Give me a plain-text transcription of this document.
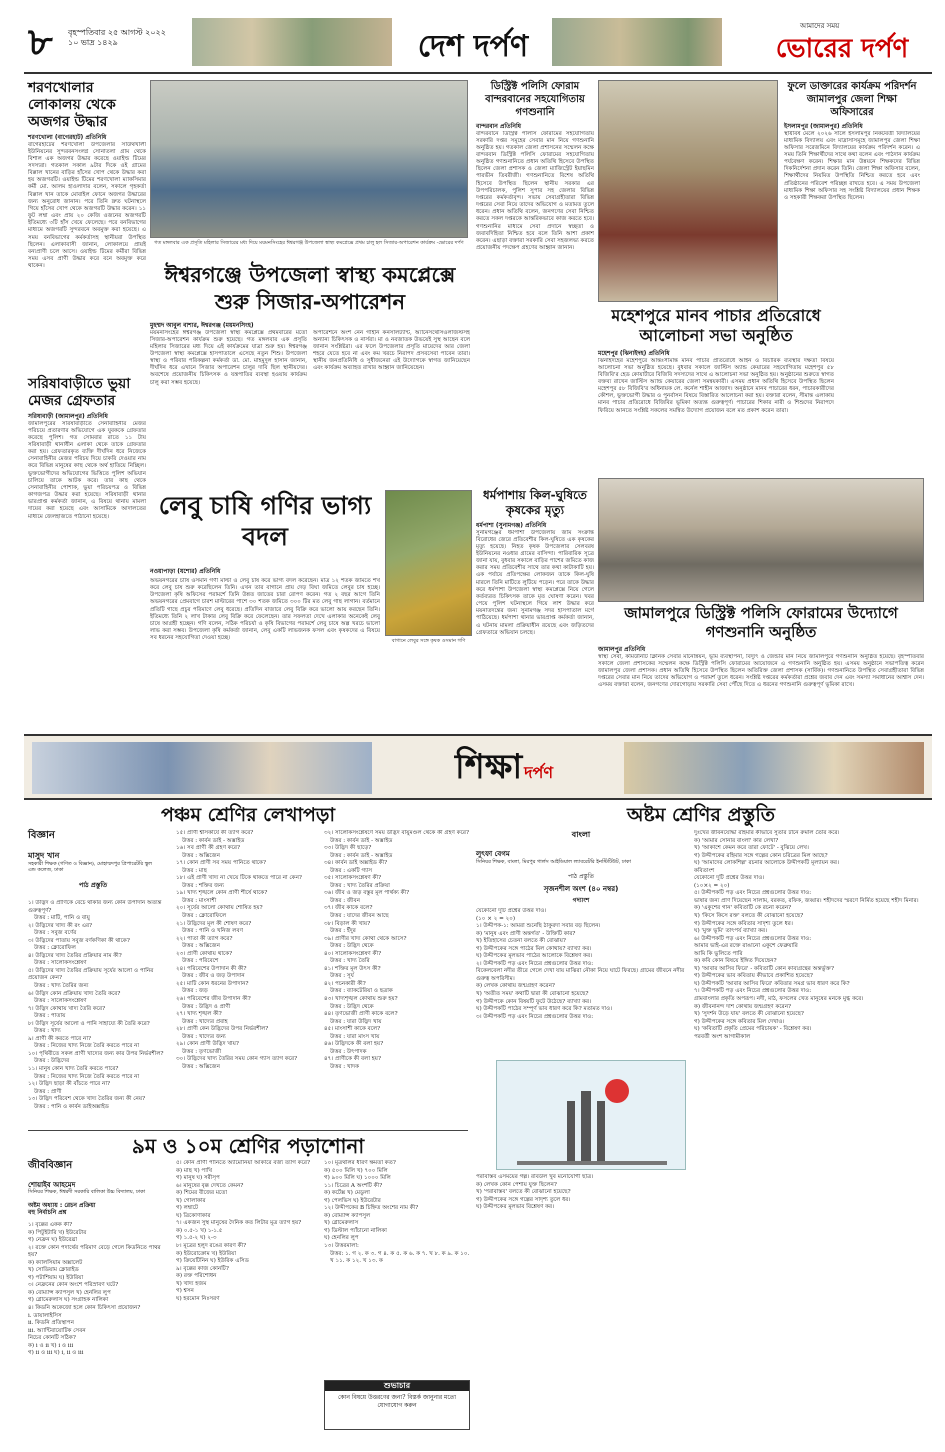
৮ বৃহস্পতিবার ২৫ আগস্ট ২০২২
১০ ভাদ্র ১৪২৯	দেশ দর্পণ
আমাদের সময়
ভোরের দর্পণ
শরণখোলার লোকালয় থেকে অজগর উদ্ধার
শরণখোলা (বাগেরহাট) প্রতিনিধি
বাগেরহাটের শরণখোলা উপজেলার সাউথখালী ইউনিয়নের সুন্দরবনসংলগ্ন সোনাতলা গ্রাম থেকে বিশাল এক অজগর উদ্ধার করেছে ওয়াইল্ড টিমের সদস্যরা। গতকাল সকাল ৯টার দিকে ওই গ্রামের বিল্লাল খানের বাড়ির হাঁসের খোপ থেকে উদ্ধার করা হয় অজগরটি। ওয়াইল্ড টিমের শরণখোলা ম্যাকসিমার কর্মী মো. আলম হাওলাদার বলেন, সকালে গৃহকর্তা বিল্লাল খান তাকে মোবাইল ফোনে অজগর উদ্ধারের জন্য অনুরোধ জানান। পরে তিনি দ্রুত ঘটনাস্থলে গিয়ে হাঁসের খোপ থেকে অজগরটি উদ্ধার করেন। ১১ ফুট লম্বা এবং প্রায় ২০ কেজি ওজনের অজগরটি ইতিমধ্যে ৩টি হাঁস খেয়ে ফেলেছে। পরে বনবিভাগের মাধ্যমে অজগরটি সুন্দরবনে অবমুক্ত করা হয়েছে। এ সময় বনবিভাগের কর্মকর্তাসহ স্থানীয়রা উপস্থিত ছিলেন। এলাকাবাসী জানান, লোকালয়ে প্রায়ই বন্যপ্রাণী চলে আসে। ওয়াইল্ড টিমের কর্মীরা বিভিন্ন সময় এসব প্রাণী উদ্ধার করে বনে অবমুক্ত করে থাকেন।
সরিষাবাড়ীতে ভুয়া মেজর গ্রেফতার
সরিষাবাড়ী (জামালপুর) প্রতিনিধি
জামালপুরের সরিষাবাড়ীতে সেনাবাহিনীর মেজর পরিচয়ে প্রতারণার অভিযোগে এক যুবককে গ্রেফতার করেছে পুলিশ। গত সোমবার রাতে ১১ টায় সরিষাবাড়ী থানাধীন এলাকা থেকে তাকে গ্রেফতার করা হয়। গ্রেফতারকৃত ব্যক্তি দীর্ঘদিন ধরে নিজেকে সেনাবাহিনীর মেজর পরিচয় দিয়ে চাকরি দেওয়ার নাম করে বিভিন্ন মানুষের কাছ থেকে অর্থ হাতিয়ে নিচ্ছিল। ভুক্তভোগীদের অভিযোগের ভিত্তিতে পুলিশ অভিযান চালিয়ে তাকে আটক করে। তার কাছ থেকে সেনাবাহিনীর পোশাক, ভুয়া পরিচয়পত্র ও বিভিন্ন কাগজপত্র উদ্ধার করা হয়েছে। সরিষাবাড়ী থানার ভারপ্রাপ্ত কর্মকর্তা জানান, এ বিষয়ে থানায় মামলা দায়ের করা হয়েছে এবং আসামিকে আদালতের মাধ্যমে জেলহাজতে পাঠানো হয়েছে।
গত মঙ্গলবার এক প্রসূতি মহিলার সিজারের মধ্য দিয়ে ময়মনসিংহের ঈশ্বরগঞ্জ উপজেলা স্বাস্থ্য কমপ্লেক্সে প্রথম চালু হল সিজার-অপারেশন কার্যক্রম -ভোরের দর্পণ
ঈশ্বরগঞ্জে উপজেলা স্বাস্থ্য কমপ্লেক্সে শুরু সিজার-অপারেশন
মুহম্মদ আবুল বাশার, ঈশ্বরগঞ্জ (ময়মনসিংহ)
ময়মনসিংহের ঈশ্বরগঞ্জ উপজেলা স্বাস্থ্য কমপ্লেক্সে প্রথমবারের মতো সিজার-অপারেশন কার্যক্রম শুরু হয়েছে। গত মঙ্গলবার এক প্রসূতি মহিলার সিজারের মধ্য দিয়ে এই কার্যক্রমের যাত্রা শুরু হয়। ঈশ্বরগঞ্জ উপজেলা স্বাস্থ্য কমপ্লেক্সে হাসপাতালে এসেছে নতুন শিশু। উপজেলা স্বাস্থ্য ও পরিবার পরিকল্পনা কর্মকর্তা ডা. মো. মাহমুদুল হাসান জানান, দীর্ঘদিন ধরে এখানে সিজার অপারেশন চালুর দাবি ছিল স্থানীয়দের। অবশেষে প্রয়োজনীয় চিকিৎসক ও যন্ত্রপাতির ব্যবস্থা হওয়ায় কার্যক্রম চালু করা সম্ভব হয়েছে।
অপারেশনে অংশ নেন গাইনি কনসালট্যান্ট, অ্যানেসথেসিওলজিস্টসহ অন্যান্য চিকিৎসক ও নার্সরা। মা ও নবজাতক উভয়েই সুস্থ আছেন বলে জানান সংশ্লিষ্টরা। এর ফলে উপজেলার প্রসূতি মায়েদের আর জেলা শহরে যেতে হবে না এবং কম খরচে নিরাপদ প্রসবসেবা পাবেন তারা। স্থানীয় জনপ্রতিনিধি ও সুধীজনেরা এই উদ্যোগকে স্বাগত জানিয়েছেন এবং কার্যক্রম অব্যাহত রাখার আহ্বান জানিয়েছেন।
লেবু চাষি গণির ভাগ্য বদল
বাগানে লেবুর সঙ্গে কৃষক ওসমান গণি
নওয়াপাড়া (যশোর) প্রতিনিধি
অভয়নগরের চাষি ওসমান গণী মাল্টা ও লেবু চাষ করে ভাগ্য বদল করেছেন। মাত্র ১২ শতক জমিতে শখ করে লেবু চাষ শুরু করেছিলেন তিনি। এখন তার বাগানে প্রায় দেড় বিঘা জমিতে লেবুর চাষ হচ্ছে। উপজেলা কৃষি অফিসের পরামর্শে তিনি উন্নত জাতের চারা রোপণ করেন। গত ২ বছর আগে তিনি অভয়নগরের প্রেমবাগে চারশ মাল্টারের পাশে ৩০ শতক জমিতে ৩০০ টির মত লেবু গাছ লাগান। বর্তমানে প্রতিটি গাছে প্রচুর পরিমাণে লেবু ধরেছে। প্রতিদিন বাজারে লেবু বিক্রি করে ভালো আয় করছেন তিনি। ইতিমধ্যে তিনি ২ লাখ টাকার লেবু বিক্রি করে ফেলেছেন। তার সফলতা দেখে এলাকার অনেকেই লেবু চাষে আগ্রহী হচ্ছেন। গণি বলেন, সঠিক পরিচর্যা ও কৃষি বিভাগের পরামর্শে লেবু চাষে অল্প খরচে ভালো লাভ করা সম্ভব। উপজেলা কৃষি কর্মকর্তা জানান, লেবু একটি লাভজনক ফসল এবং কৃষকদের এ বিষয়ে সব ধরনের সহযোগিতা দেওয়া হচ্ছে।
ডিস্ট্রিক্ট পলিসি ফোরাম বান্দরবানের সহযোগিতায় গণশুনানি
বান্দরবান প্রতিনিধি
বান্দরবানে ডিস্ট্রিক্ট পলিসি ফোরামের সহযোগিতায় সরকারি দপ্তর সমূহের সেবার মান নিয়ে গণশুনানি অনুষ্ঠিত হয়। গতকাল জেলা প্রশাসনের সম্মেলন কক্ষে বান্দরবান ডিস্ট্রিক্ট পলিসি ফোরামের সহযোগিতায় অনুষ্ঠিত গণশুনানিতে প্রধান অতিথি হিসেবে উপস্থিত ছিলেন জেলা প্রশাসক ও জেলা ম্যাজিস্ট্রেট ইয়াছমিন পারভীন তিবরীজী। গণশুনানিতে বিশেষ অতিথি হিসেবে উপস্থিত ছিলেন স্থানীয় সরকার এর উপপরিচালক, পুলিশ সুপার সহ জেলার বিভিন্ন দপ্তরের কর্মকর্তাবৃন্দ। সভায় সেবাগ্রহীতারা বিভিন্ন দপ্তরের সেবা নিয়ে তাদের অভিযোগ ও মতামত তুলে ধরেন। প্রধান অতিথি বলেন, জনগণের সেবা নিশ্চিত করতে সকল দপ্তরকে আন্তরিকভাবে কাজ করতে হবে। গণশুনানির মাধ্যমে সেবা প্রদানে স্বচ্ছতা ও জবাবদিহিতা নিশ্চিত হবে বলে তিনি আশা প্রকাশ করেন। এছাড়া বক্তারা সরকারি সেবা সহজলভ্য করতে প্রয়োজনীয় পদক্ষেপ গ্রহণের আহ্বান জানান।
ধর্মপাশায় কিল-ঘুষিতে কৃষকের মৃত্যু
ধর্মপাশা (সুনামগঞ্জ) প্রতিনিধি
সুনামগঞ্জের ধর্মপাশা উপজেলায় জমি সংক্রান্ত বিরোধের জেরে প্রতিবেশীর কিল-ঘুষিতে এক কৃষকের মৃত্যু হয়েছে। নিহত কৃষক উপজেলার সেলবরষ ইউনিয়নের নওধার গ্রামের বাসিন্দা। পারিবারিক সূত্রে জানা যায়, বুধবার সকালে বাড়ির পাশের জমিতে কাজ করার সময় প্রতিবেশীর সাথে তার কথা কাটাকাটি হয়। এক পর্যায়ে প্রতিপক্ষের লোকজন তাকে কিল-ঘুষি মারলে তিনি মাটিতে লুটিয়ে পড়েন। পরে তাকে উদ্ধার করে ধর্মপাশা উপজেলা স্বাস্থ্য কমপ্লেক্সে নিয়ে গেলে কর্তব্যরত চিকিৎসক তাকে মৃত ঘোষণা করেন। খবর পেয়ে পুলিশ ঘটনাস্থলে গিয়ে লাশ উদ্ধার করে ময়নাতদন্তের জন্য সুনামগঞ্জ সদর হাসপাতাল মর্গে পাঠিয়েছে। ধর্মপাশা থানার ভারপ্রাপ্ত কর্মকর্তা জানান, এ ঘটনায় মামলা প্রক্রিয়াধীন রয়েছে এবং জড়িতদের গ্রেফতারে অভিযান চলছে।
মহেশপুরে মানব পাচার প্রতিরোধে আলোচনা সভা অনুষ্ঠিত
মহেশপুর (ঝিনাইদহ) প্রতিনিধি
ঝিনাইদহের মহেশপুরে আন্তঃসীমান্ত মানব পাচার প্রতিরোধে আইন ও বিচারিক ব্যবস্থার দক্ষতা বিষয়ে আলোচনা সভা অনুষ্ঠিত হয়েছে। বুধবার সকালে জাস্টিস অ্যান্ড কেয়ারের সহযোগিতায় মহেশপুর ৫৮ বিজিবি'র হেড কোয়ার্টারে বিজিবি সদস্যদের সাথে এ আলোচনা সভা অনুষ্ঠিত হয়। অনুষ্ঠানের শুরুতে স্বাগত বক্তব্য রাখেন জাস্টিস অ্যান্ড কেয়ারের জেলা সমন্বয়কারী। এসময় প্রধান অতিথি হিসেবে উপস্থিত ছিলেন মহেশপুর ৫৮ বিজিবি'র অধিনায়ক লে. কর্নেল শাহীন আজাদ। অনুষ্ঠানে মানব পাচারের ধরন, পাচারকারীদের কৌশল, ভুক্তভোগী উদ্ধার ও পুনর্বাসন বিষয়ে বিস্তারিত আলোচনা করা হয়। বক্তারা বলেন, সীমান্ত এলাকায় মানব পাচার প্রতিরোধে বিজিবির ভূমিকা অত্যন্ত গুরুত্বপূর্ণ। পাচারের শিকার নারী ও শিশুদের নিরাপদে ফিরিয়ে আনতে সংশ্লিষ্ট সকলের সমন্বিত উদ্যোগ প্রয়োজন বলে মত প্রকাশ করেন তারা।
ফুলে ডাক্তারের কার্যক্রম পরিদর্শন জামালপুর জেলা শিক্ষা অফিসারের
ইসলামপুর (জামালপুর) প্রতিনিধি
স্থায়ীবর্ষ মেলে ২০২৬ সালে ইসলামপুর নিকটবর্তী বিদ্যালয়ের মাধ্যমিক বিদ্যালয় এবং মাদ্রাসাসমূহে জামালপুর জেলা শিক্ষা অফিসার সরেজমিনে বিদ্যালয়ের কার্যক্রম পরিদর্শন করেন। এ সময় তিনি শিক্ষার্থীদের সাথে কথা বলেন এবং পাঠদান কার্যক্রম পর্যবেক্ষণ করেন। শিক্ষার মান উন্নয়নে শিক্ষকদের বিভিন্ন দিকনির্দেশনা প্রদান করেন তিনি। জেলা শিক্ষা অফিসার বলেন, শিক্ষার্থীদের নিয়মিত উপস্থিতি নিশ্চিত করতে হবে এবং প্রতিষ্ঠানের পরিবেশ পরিচ্ছন্ন রাখতে হবে। এ সময় উপজেলা মাধ্যমিক শিক্ষা অফিসার সহ সংশ্লিষ্ট বিদ্যালয়ের প্রধান শিক্ষক ও সহকারী শিক্ষকরা উপস্থিত ছিলেন।
জামালপুরে ডিস্ট্রিক্ট পলিসি ফোরামের উদ্যোগে গণশুনানি অনুষ্ঠিত
জামালপুর প্রতিনিধি
স্বাস্থ্য সেবা, কমিউনিটি ক্লিনিক সেবার মানোন্নয়ন, ভূমি ব্যবস্থাপনা, বিদ্যুৎ ও জেন্ডার মান নিয়ে জামালপুরে গণশুনানি অনুষ্ঠিত হয়েছে। বৃহস্পতিবার সকালে জেলা প্রশাসকের সম্মেলন কক্ষে ডিস্ট্রিক্ট পলিসি ফোরামের আয়োজনে এ গণশুনানি অনুষ্ঠিত হয়। এসময় অনুষ্ঠানে সভাপতিত্ব করেন জামালপুর জেলা প্রশাসক। প্রধান অতিথি হিসেবে উপস্থিত ছিলেন অতিরিক্ত জেলা প্রশাসক (সার্বিক)। গণশুনানিতে উপস্থিত সেবাগ্রহীতারা বিভিন্ন দপ্তরের সেবার মান নিয়ে তাদের অভিযোগ ও পরামর্শ তুলে ধরেন। সংশ্লিষ্ট দপ্তরের কর্মকর্তারা প্রশ্নের জবাব দেন এবং সমস্যা সমাধানের আশ্বাস দেন। এসময় বক্তারা বলেন, জনগণের দোরগোড়ায় সরকারি সেবা পৌঁছে দিতে এ ধরনের গণশুনানি গুরুত্বপূর্ণ ভূমিকা রাখে।
শিক্ষা দর্পণ
পঞ্চম শ্রেণির লেখাপড়া
বিজ্ঞান
মাসুদ খান
সহকারী শিক্ষক (গণিত ও বিজ্ঞান), মোহাম্মদপুর প্রিপারেটরি স্কুল এন্ড কলেজ, ঢাকা
পাঠ প্রস্তুতি
১। উদ্ভিদ ও প্রাণিকে বেঁচে থাকার জন্য কোন উপাদান অত্যন্ত গুরুত্বপূর্ণ?
উত্তর : মাটি, পানি ও বায়ু
২। উদ্ভিদের খাদ্য কী রং এর?
উত্তর : সবুজ বর্ণের
৩। উদ্ভিদের পাতায় সবুজ বর্ণকণিকা কী থাকে?
উত্তর : ক্লোরোফিল
৪। উদ্ভিদের খাদ্য তৈরির প্রক্রিয়ার নাম কী?
উত্তর : সালোকসংশ্লেষণ
৫। উদ্ভিদের খাদ্য তৈরির প্রক্রিয়ায় সূর্যের আলো ও পানির প্রয়োজন কেন?
উত্তর : খাদ্য তৈরির জন্য
৬। উদ্ভিদ কোন প্রক্রিয়ায় খাদ্য তৈরি করে?
উত্তর : সালোকসংশ্লেষণ
৭। উদ্ভিদ কোথায় খাদ্য তৈরি করে?
উত্তর : পাতায়
৮। উদ্ভিদ সূর্যের আলো ও পানি সাহায্যে কী তৈরি করে?
উত্তর : খাদ্য
৯। প্রাণী কী করতে পারে না?
উত্তর : নিজের খাদ্য নিজে তৈরি করতে পারে না
১০। পৃথিবীতে সকল প্রাণী খাদ্যের জন্য কার উপর নির্ভরশীল?
উত্তর : উদ্ভিদের
১১। মানুষ কোন খাদ্য তৈরি করতে পারে?
উত্তর : নিজের খাদ্য নিজে তৈরি করতে পারে না
১২। উদ্ভিদ ছাড়া কী বাঁচতে পারে না?
উত্তর : প্রাণী
১৩। উদ্ভিদ পরিবেশ থেকে খাদ্য তৈরির জন্য কী নেয়?
উত্তর : পানি ও কার্বন ডাইঅক্সাইড
১৫। প্রাণী শ্বাসকার্যে কী ত্যাগ করে?
উত্তর : কার্বন ডাই - অক্সাইড
১৬। সব প্রাণী কী গ্রহণ করে?
উত্তর : অক্সিজেন
১৭। কোন প্রাণী সব সময় পানিতে থাকে?
উত্তর : মাছ
১৮। এই প্রাণী খাদ্য না খেয়ে টিকে থাকতে পারে না কেন?
উত্তর : শক্তির জন্য
১৯। খাদ্য শৃঙ্খলে কোন প্রাণী শীর্ষে থাকে?
উত্তর : মাংসাশী
২০। সূর্যের আলো কোথায় শোষিত হয়?
উত্তর : ক্লোরোফিলে
২১। উদ্ভিদের মূল কী শোষণ করে?
উত্তর : পানি ও খনিজ লবণ
২২। পাতা কী ত্যাগ করে?
উত্তর : অক্সিজেন
২৩। প্রাণী কোথায় থাকে?
উত্তর : পরিবেশে
২৪। পরিবেশের উপাদান কী কী?
উত্তর : জীব ও জড় উপাদান
২৫। মাটি কোন ধরনের উপাদান?
উত্তর : জড়
২৬। পরিবেশের জীব উপাদান কী?
উত্তর : উদ্ভিদ ও প্রাণী
২৭। খাদ্য শৃঙ্খল কী?
উত্তর : খাদ্যের প্রবাহ
২৮। প্রাণী কেন উদ্ভিদের উপর নির্ভরশীল?
উত্তর : খাদ্যের জন্য
২৯। কোন প্রাণী উদ্ভিদ খায়?
উত্তর : তৃণভোজী
৩০। উদ্ভিদের খাদ্য তৈরির সময় কোন গ্যাস ত্যাগ করে?
উত্তর : অক্সিজেন
৩২। সালোকসংশ্লেষণে সময় উদ্ভিদ বায়ুমণ্ডল থেকে কী গ্রহণ করে?
উত্তর : কার্বন ডাই - অক্সাইড
৩৩। উদ্ভিদ কী ছাড়ে?
উত্তর : কার্বন ডাই - অক্সাইড
৩৪। কার্বন ডাই অক্সাইড কী?
উত্তর : একটি গ্যাস
৩৫। সালোকসংশ্লেষণ কী?
উত্তর : খাদ্য তৈরির প্রক্রিয়া
৩৬। জীব ও জড় বস্তুর মূল পার্থক্য কী?
উত্তর : জীবন
৩৭। জীব কাকে বলে?
উত্তর : যাদের জীবন আছে
৩৮। বিড়াল কী খায়?
উত্তর : ইঁদুর
৩৯। প্রাণীর খাদ্য কোথা থেকে আসে?
উত্তর : উদ্ভিদ থেকে
৪০। সালোকসংশ্লেষণ কী?
উত্তর : খাদ্য তৈরি
৪১। শক্তির মূল উৎস কী?
উত্তর : সূর্য
৪২। পচনকারী কী?
উত্তর : ব্যাকটেরিয়া ও ছত্রাক
৪৩। খাদ্যশৃঙ্খল কোথায় শুরু হয়?
উত্তর : উদ্ভিদ থেকে
৪৪। তৃণভোজী প্রাণী কাকে বলে?
উত্তর : যারা উদ্ভিদ খায়
৪৫। মাংসাশী কাকে বলে?
উত্তর : যারা মাংস খায়
৪৬। উদ্ভিদকে কী বলা হয়?
উত্তর : উৎপাদক
৪৭। প্রাণীকে কী বলা হয়?
উত্তর : খাদক
অষ্টম শ্রেণির প্রস্তুতি
বাংলা
লুৎফা বেগম
সিনিয়র শিক্ষক, বাংলা, মিরপুর গার্লস আইডিয়াল ল্যাবরেটরি ইনস্টিটিউট, ঢাকা
পাঠ প্রস্তুতি
সৃজনশীল অংশ (৪০ নম্বর)
গদ্যাংশ
যেকোনো দুটি প্রশ্নের উত্তর দাও।
(১০ × ২ = ২০)
১। উদ্দীপক-১: আমরা শুনেছি ঠাকুরদা সবার বড় ছিলেন।
ক) 'মানুষ এবং প্রাণী অন্তর্গত' - উক্তিটি কার?
খ) ইতিহাসের চেতনা বলতে কী বোঝায়?
গ) উদ্দীপকের সঙ্গে পাঠের মিল কোথায়? ব্যাখ্যা কর।
ঘ) উদ্দীপকের মূলভাব পাঠের আলোকে বিশ্লেষণ কর।
২। উদ্দীপকটি পড় এবং নিচের প্রশ্নগুলোর উত্তর দাও:
বিকেলবেলা নদীর তীরে গেলে দেখা যায় মাঝিরা নৌকা নিয়ে ঘাটে ফিরছে। গ্রামের জীবনে নদীর গুরুত্ব অপরিসীম।
ক) লেখক কোথায় জন্মগ্রহণ করেন?
খ) 'অতীত সময়' কথাটি দ্বারা কী বোঝানো হয়েছে?
গ) উদ্দীপকে কোন বিষয়টি ফুটে উঠেছে? ব্যাখ্যা কর।
ঘ) উদ্দীপকটি পাঠের সম্পূর্ণ ভাব ধারণ করে কি? মতামত দাও।
৩। উদ্দীপকটি পড় এবং নিচের প্রশ্নগুলোর উত্তর দাও:
পরাবাস্তব এসময়ের গল্প। রবিউল খুব মনোযোগী ছাত্র।
ক) লেখক কোন পেশায় যুক্ত ছিলেন?
খ) 'পরাবাস্তব' বলতে কী বোঝানো হয়েছে?
গ) উদ্দীপকের সঙ্গে গল্পের সাদৃশ্য তুলে ধর।
ঘ) উদ্দীপকের মূলভাব বিশ্লেষণ কর।
দুঃখের জীবনযোদ্ধা রহিমার কীভাবে সুতার টানে রুমাল তৈরি করে।
ক) 'আমার সোনার বাংলা' কার লেখা?
খ) 'আকাশে কেমন করে তারা ফোটে' - বুঝিয়ে লেখ।
গ) উদ্দীপকের রহিমার সঙ্গে গল্পের কোন চরিত্রের মিল আছে?
ঘ) 'আমাদের লোকশিল্প' রচনার আলোকে উদ্দীপকটি মূল্যায়ন কর।
কবিতাংশ
যেকোনো দুটি প্রশ্নের উত্তর দাও।
(১০×২ = ২০)
৫। উদ্দীপকটি পড় এবং নিচের প্রশ্নগুলোর উত্তর দাও:
ভাষার জন্য প্রাণ দিয়েছেন সালাম, বরকত, রফিক, জব্বার। শহীদদের স্মরণে নির্মিত হয়েছে শহীদ মিনার।
ক) 'একুশের গান' কবিতাটি কে রচনা করেন?
খ) 'কিসে কিসে রক্ত' বলতে কী বোঝানো হয়েছে?
গ) উদ্দীপকের সঙ্গে কবিতার সাদৃশ্য তুলে ধর।
ঘ) 'মুক্ত ভূমি' তাৎপর্য ব্যাখ্যা কর।
৬। উদ্দীপকটি পড় এবং নিচের প্রশ্নগুলোর উত্তর দাও:
আমার ভাই-এর রক্তে রাঙানো একুশে ফেব্রুয়ারি
আমি কি ভুলিতে পারি
ক) কবি কোন বিষয়ে ইঙ্গিত দিয়েছেন?
খ) 'আবার আসিব ফিরে' - কবিতাটি কোন কাব্যগ্রন্থের অন্তর্ভুক্ত?
গ) উদ্দীপকের ভাব কবিতায় কীভাবে প্রকাশিত হয়েছে?
ঘ) উদ্দীপকটি 'আবার আসিব ফিরে' কবিতার সমগ্র ভাব ধারণ করে কি?
৭। উদ্দীপকটি পড় এবং নিচের প্রশ্নগুলোর উত্তর দাও:
গ্রামবাংলার প্রকৃতি অপরূপ। নদী, মাঠ, ফসলের খেত মানুষের মনকে মুগ্ধ করে।
ক) জীবনানন্দ দাশ কোথায় জন্মগ্রহণ করেন?
খ) 'সুদর্শন উড়ে যায়' বলতে কী বোঝানো হয়েছে?
গ) উদ্দীপকের সঙ্গে কবিতার মিল দেখাও।
ঘ) 'কবিতাটি প্রকৃতি প্রেমের পরিচায়ক' - বিশ্লেষণ কর।
পরবর্তী অংশ আগামীকাল
৯ম ও ১০ম শ্রেণির পড়াশোনা
জীববিজ্ঞান
শোয়াইব আহমেদ
সিনিয়র শিক্ষক, ঈশ্বরদী সরকারি বালিকা উচ্চ বিদ্যালয়, ঢাকা
অষ্টম অধ্যায় : রেচন প্রক্রিয়া
বহু নির্বাচনি প্রশ্ন
১। বৃক্কের একক কী?
ক) পিটুইটারি খ) ইউরেটার
গ) নেফ্রন ঘ) ইউরেথ্রা
২। রক্তে কোন পদার্থের পরিমাণ বেড়ে গেলে কিডনিতে পাথর হয়?
ক) ক্যালসিয়াম অক্সালেট
খ) সোডিয়াম ক্লোরাইড
গ) পটাশিয়াম ঘ) ইউরিয়া
৩। নেফ্রনের কোন অংশে পরিস্রাবণ ঘটে?
ক) বোম্যান্স ক্যাপসুল খ) হেনলির লুপ
গ) গ্লোমেরুলাস ঘ) সংগ্রাহক নালিকা
৪। কিডনি অকেজো হলে কোন চিকিৎসা প্রয়োজন?
i. ডায়ালাইসিস
ii. কিডনি প্রতিস্থাপন
iii. অ্যান্টিবায়োটিক সেবন
নিচের কোনটি সঠিক?
ক) i ও ii খ) i ও iii
গ) ii ও iii ঘ) i, ii ও iii
৫। কোন প্রাণী পানিতে অ্যামোনিয়া আকারে বর্জ্য ত্যাগ করে?
ক) মাছ খ) পাখি
গ) মানুষ ঘ) সরীসৃপ
৬। মানুষের বৃক্ক দেখতে কেমন?
ক) শিমের বীজের মতো
খ) গোলাকার
গ) লম্বাটে
ঘ) ত্রিকোণাকার
৭। একজন সুস্থ মানুষের দৈনিক কত লিটার মূত্র ত্যাগ হয়?
ক) ০.৫-১ খ) ১-১.৫
গ) ১.৫-২ ঘ) ২-৩
৮। মূত্রের হলুদ রঙের কারণ কী?
ক) ইউরোক্রোম খ) ইউরিয়া
গ) ক্রিয়েটিনিন ঘ) ইউরিক এসিড
৯। বৃক্কের কাজ কোনটি?
ক) রক্ত পরিশোধন
খ) খাদ্য হজম
গ) শ্বসন
ঘ) হরমোন নিঃসরণ
১০। মূত্রথলির ধারণ ক্ষমতা কত?
ক) ৫০০ মিলি খ) ৭০০ মিলি
গ) ৯০০ মিলি ঘ) ১০০০ মিলি
১১। চিত্রের A অংশটি কী?
ক) কর্টেক্স খ) মেডুলা
গ) পেলভিস ঘ) ইউরেটার
১২। উদ্দীপকের B চিহ্নিত অংশের নাম কী?
ক) বোম্যান্স ক্যাপসুল
খ) গ্লোমেরুলাস
গ) ডিস্টাল প্যাঁচানো নালিকা
ঘ) হেনলির লুপ
১৩। উত্তরমালা:
উত্তর: ১. গ ২. ক ৩. গ ৪. ক ৫. ক ৬. ক ৭. খ ৮. ক ৯. ক ১০. খ ১১. ক ১২. খ ১৩. ক
শুভাচার
কোন বিষয়ে উত্তরণের জন্য? বিস্তর্ক জানুনার মতো যোগাযোগ করুন
